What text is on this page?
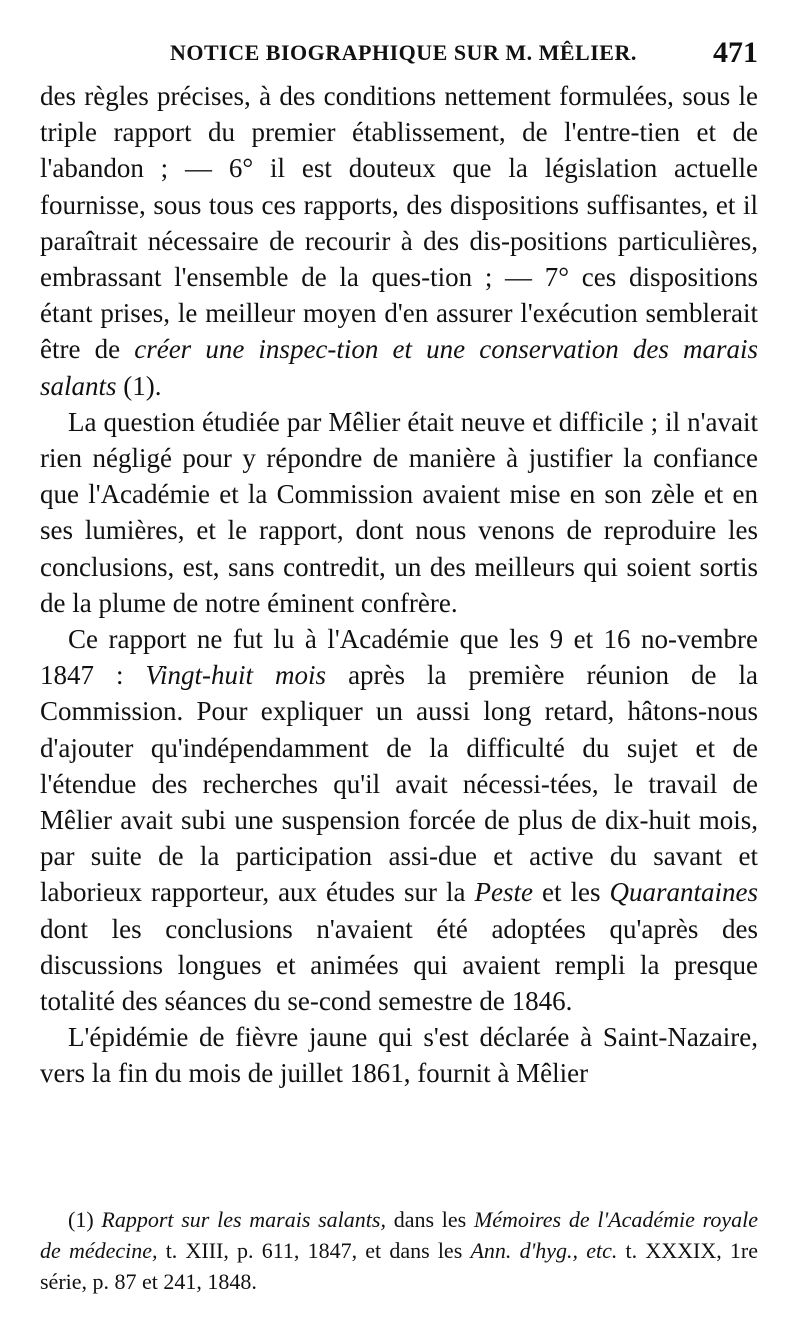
NOTICE BIOGRAPHIQUE SUR M. MÊLIER.	471

des règles précises, à des conditions nettement formulées, sous le triple rapport du premier établissement, de l'entre-tien et de l'abandon ; — 6° il est douteux que la législation actuelle fournisse, sous tous ces rapports, des dispositions suffisantes, et il paraîtrait nécessaire de recourir à des dis-positions particulières, embrassant l'ensemble de la ques-tion ; — 7° ces dispositions étant prises, le meilleur moyen d'en assurer l'exécution semblerait être de créer une inspec-tion et une conservation des marais salants (1).

La question étudiée par Mêlier était neuve et difficile ; il n'avait rien négligé pour y répondre de manière à justifier la confiance que l'Académie et la Commission avaient mise en son zèle et en ses lumières, et le rapport, dont nous venons de reproduire les conclusions, est, sans contredit, un des meilleurs qui soient sortis de la plume de notre éminent confrère.

Ce rapport ne fut lu à l'Académie que les 9 et 16 no-vembre 1847 : Vingt-huit mois après la première réunion de la Commission. Pour expliquer un aussi long retard, hâtons-nous d'ajouter qu'indépendamment de la difficulté du sujet et de l'étendue des recherches qu'il avait nécessi-tées, le travail de Mêlier avait subi une suspension forcée de plus de dix-huit mois, par suite de la participation assi-due et active du savant et laborieux rapporteur, aux études sur la Peste et les Quarantaines dont les conclusions n'avaient été adoptées qu'après des discussions longues et animées qui avaient rempli la presque totalité des séances du se-cond semestre de 1846.

L'épidémie de fièvre jaune qui s'est déclarée à Saint-Nazaire, vers la fin du mois de juillet 1861, fournit à Mêlier

(1) Rapport sur les marais salants, dans les Mémoires de l'Académie royale de médecine, t. XIII, p. 611, 1847, et dans les Ann. d'hyg., etc. t. XXXIX, 1re série, p. 87 et 241, 1848.
